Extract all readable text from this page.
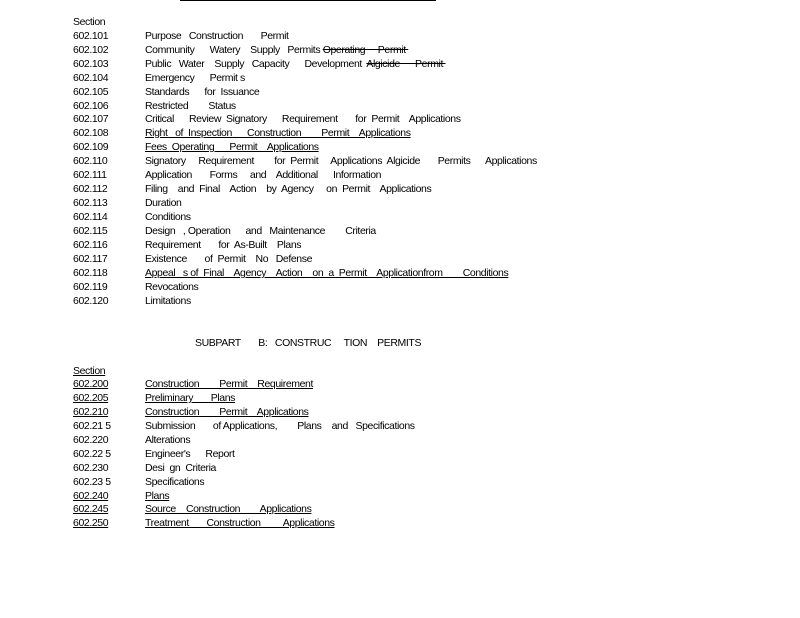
Section
602.101	Purpose   Construction       Permit
602.102	Community      Watery    Supply   Permits Operating     Permit
602.103	Public   Water    Supply   Capacity      Development  Algicide      Permit
602.104	Emergency      Permit s
602.105	Standards      for  Issuance
602.106	Restricted        Status
602.107	Critical      Review  Signatory      Requirement       for  Permit    Applications
602.108	Right   of  Inspection      Construction        Permit    Applications
602.109	Fees  Operating      Permit    Applications
602.110	Signatory     Requirement        for  Permit     Applications  Algicide       Permits      Applications
602.111	Application       Forms     and    Additional      Information
602.112	Filing    and  Final    Action    by  Agency     on  Permit    Applications
602.113	Duration
602.114	Conditions
602.115	Design   , Operation      and   Maintenance        Criteria
602.116	Requirement       for  As-Built    Plans
602.117	Existence       of  Permit    No   Defense
602.118	Appeal   s of  Final    Agency    Action    on  a  Permit    Applicationfrom        Conditions
602.119	Revocations
602.120	Limitations
SUBPART       B:   CONSTRUC     TION    PERMITS
Section
602.200	Construction        Permit    Requirement
602.205	Preliminary       Plans
602.210	Construction        Permit    Applications
602.21 5	Submission       of Applications,        Plans    and   Specifications
602.220	Alterations
602.22 5	Engineer's      Report
602.230	Desi  gn  Criteria
602.23 5	Specifications
602.240	Plans
602.245	Source    Construction        Applications
602.250	Treatment       Construction         Applications
